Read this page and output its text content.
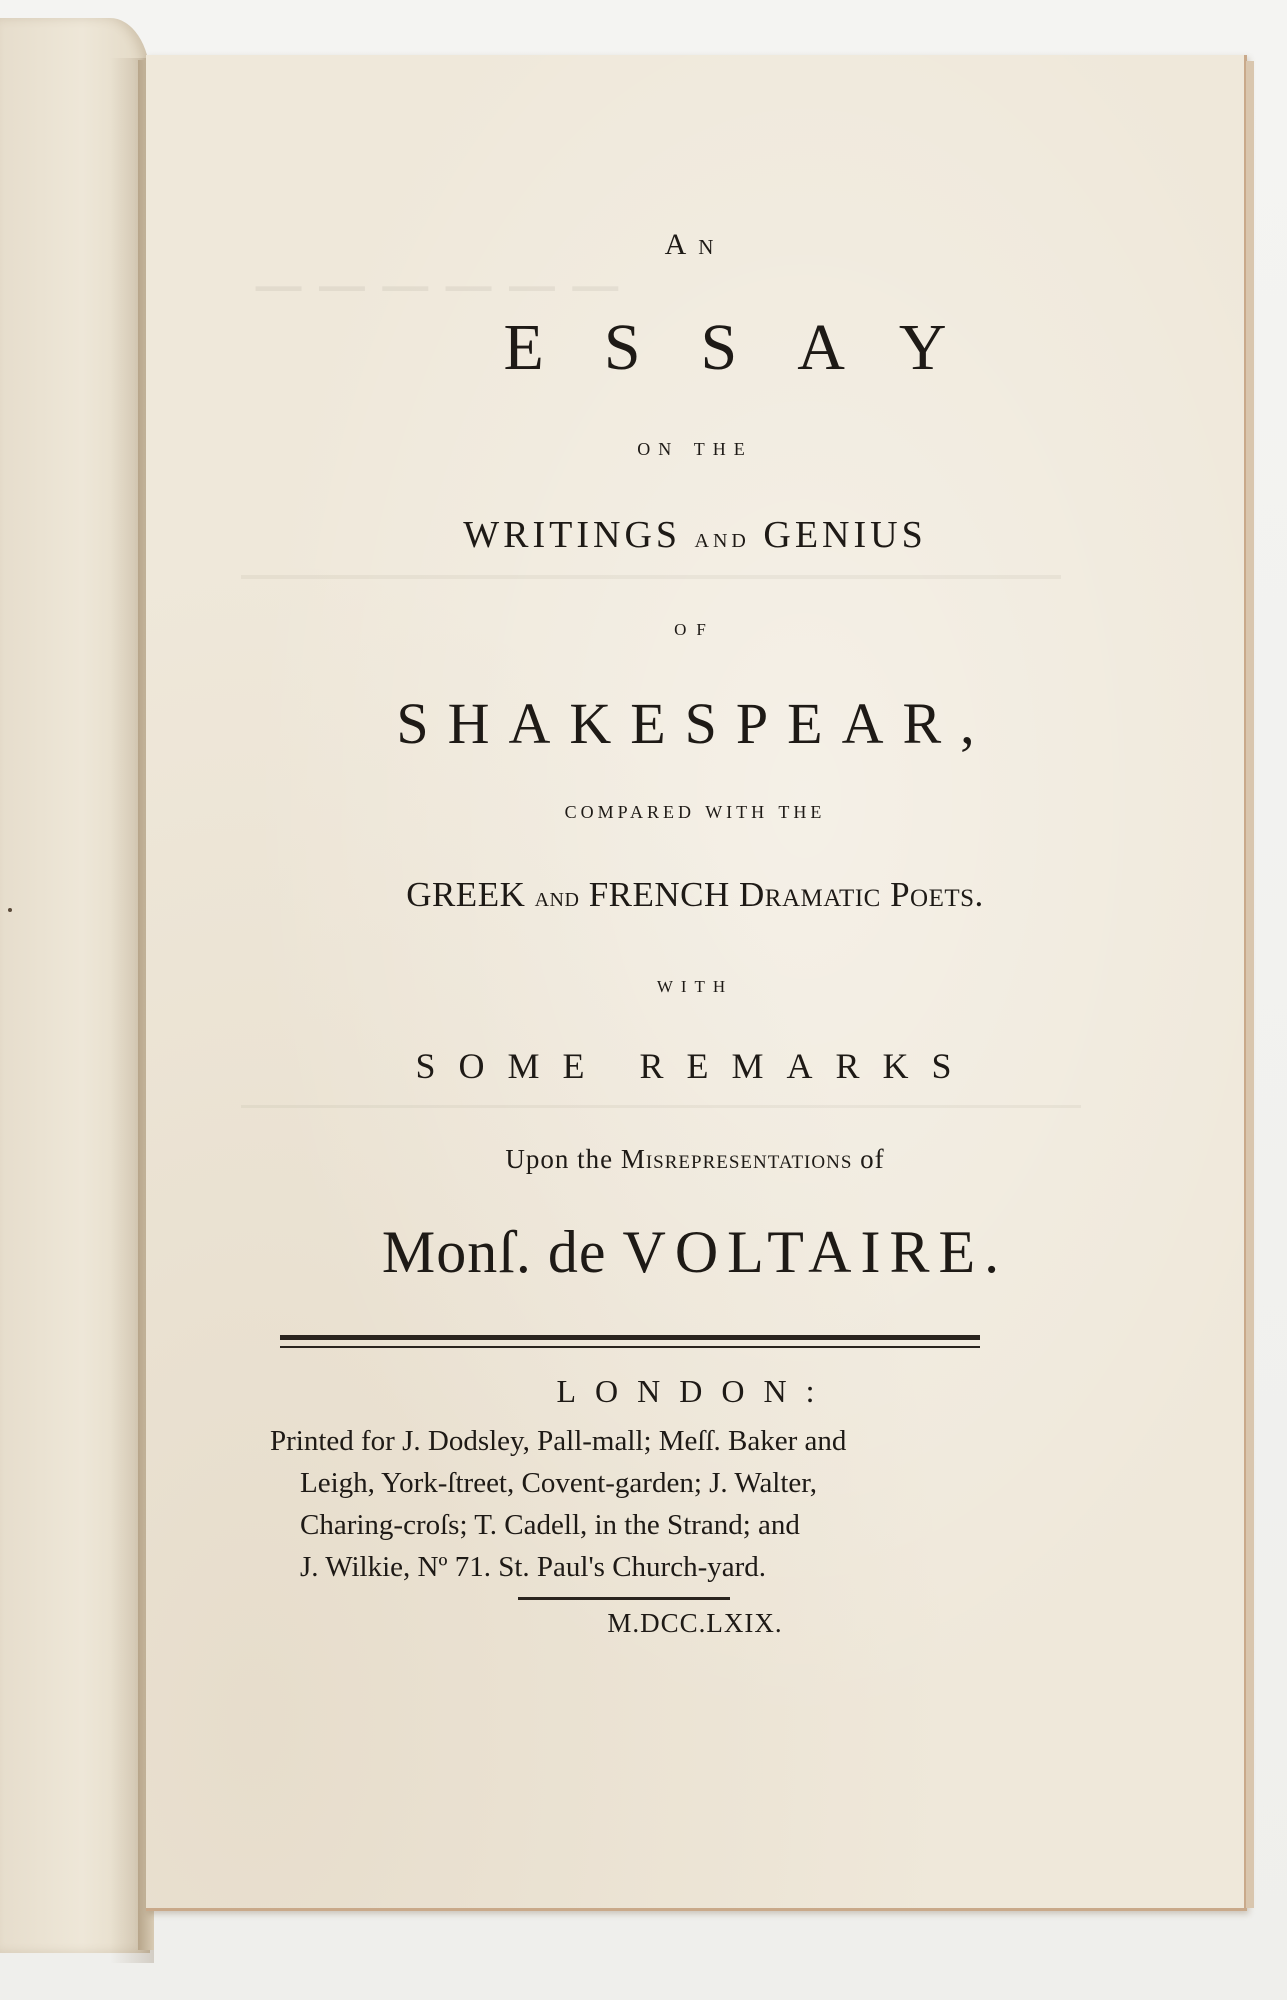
──────
An
ESSAY
on the
WRITINGS and GENIUS
of
SHAKESPEAR,
compared with the
GREEK and FRENCH Dramatic Poets.
with
SOME REMARKS
Upon the Misrepresentations of
Monſ. de VOLTAIRE.
LONDON:
Printed for J. Dodsley, Pall-mall; Meſſ. Baker and
Leigh, York-ſtreet, Covent-garden; J. Walter,
Charing-croſs; T. Cadell, in the Strand; and
J. Wilkie, Nº 71. St. Paul's Church-yard.
M.DCC.LXIX.
